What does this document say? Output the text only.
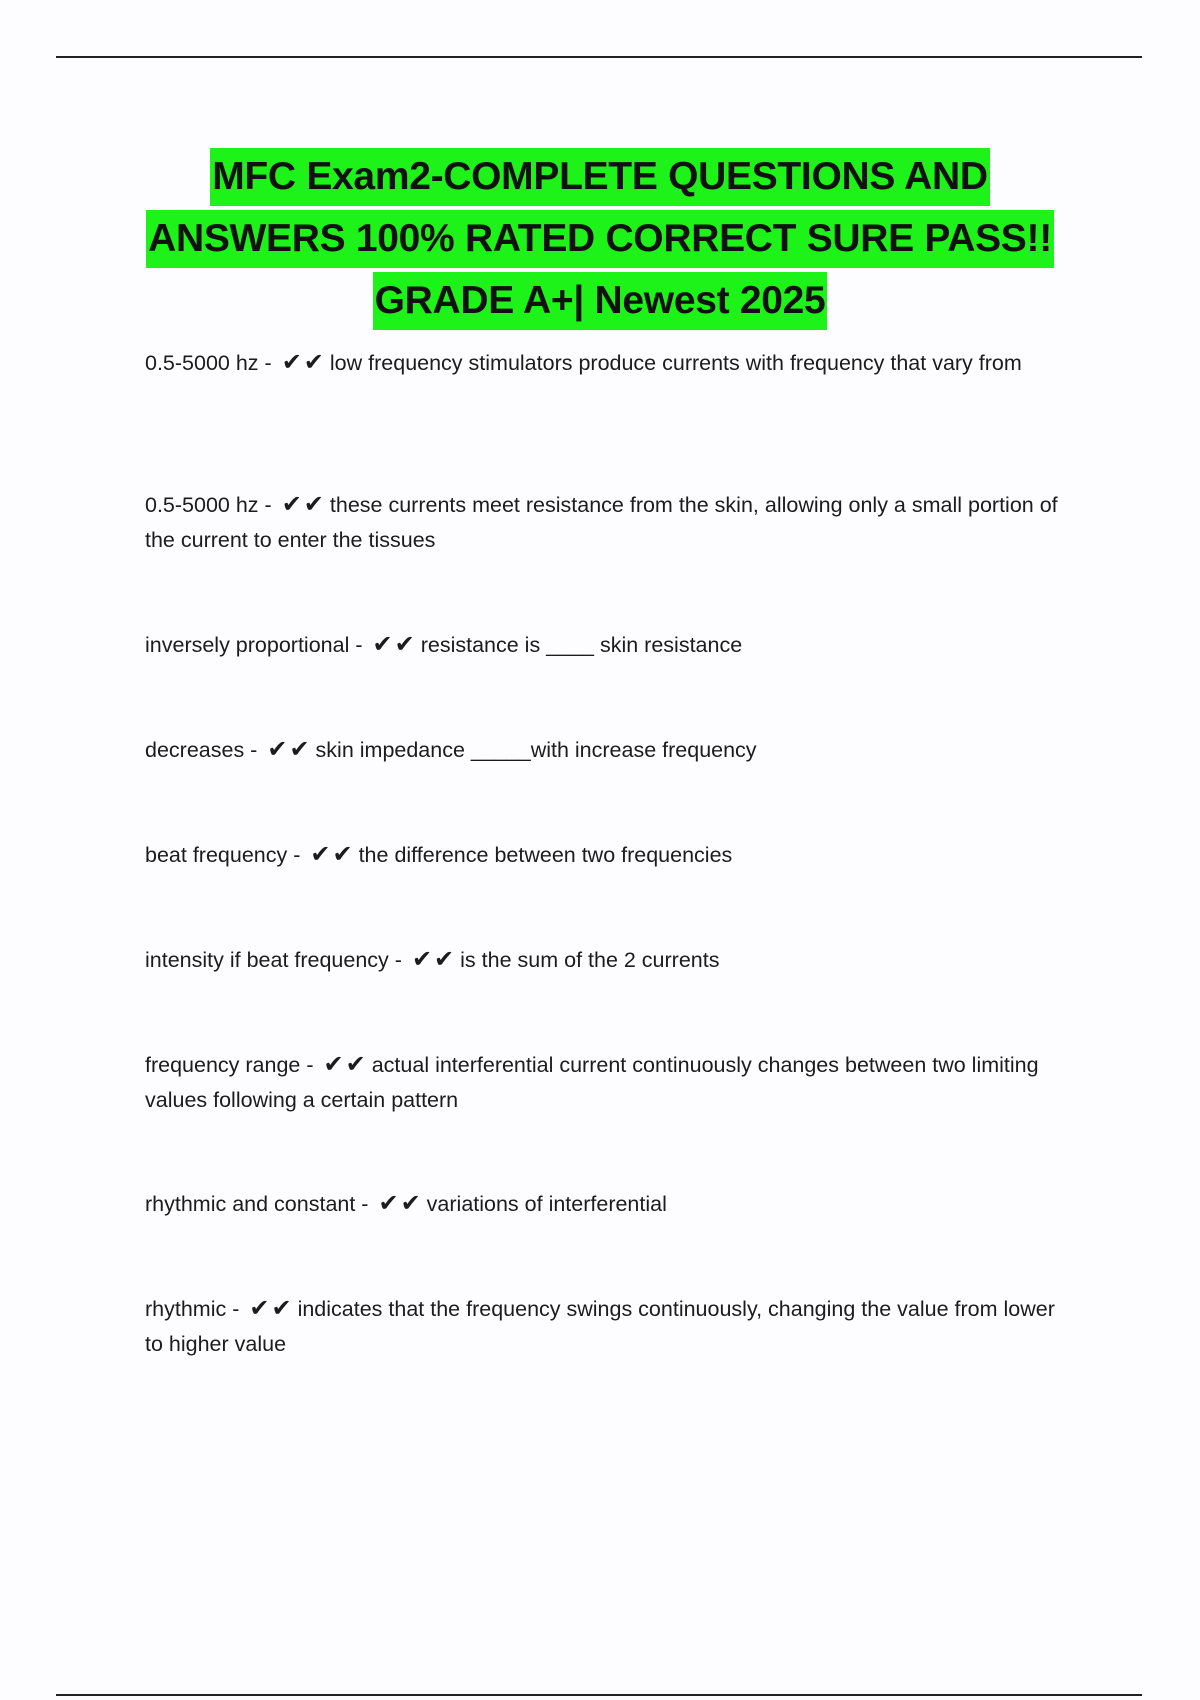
MFC Exam2-COMPLETE QUESTIONS AND
ANSWERS 100% RATED CORRECT SURE PASS!!
GRADE A+| Newest 2025
0.5-5000 hz - ✔✔ low frequency stimulators produce currents with frequency that vary from
0.5-5000 hz - ✔✔ these currents meet resistance from the skin, allowing only a small portion of the current to enter the tissues
inversely proportional - ✔✔ resistance is ____ skin resistance
decreases - ✔✔ skin impedance _____with increase frequency
beat frequency - ✔✔ the difference between two frequencies
intensity if beat frequency - ✔✔ is the sum of the 2 currents
frequency range - ✔✔ actual interferential current continuously changes between two limiting values following a certain pattern
rhythmic and constant - ✔✔ variations of interferential
rhythmic - ✔✔ indicates that the frequency swings continuously, changing the value from lower to higher value
